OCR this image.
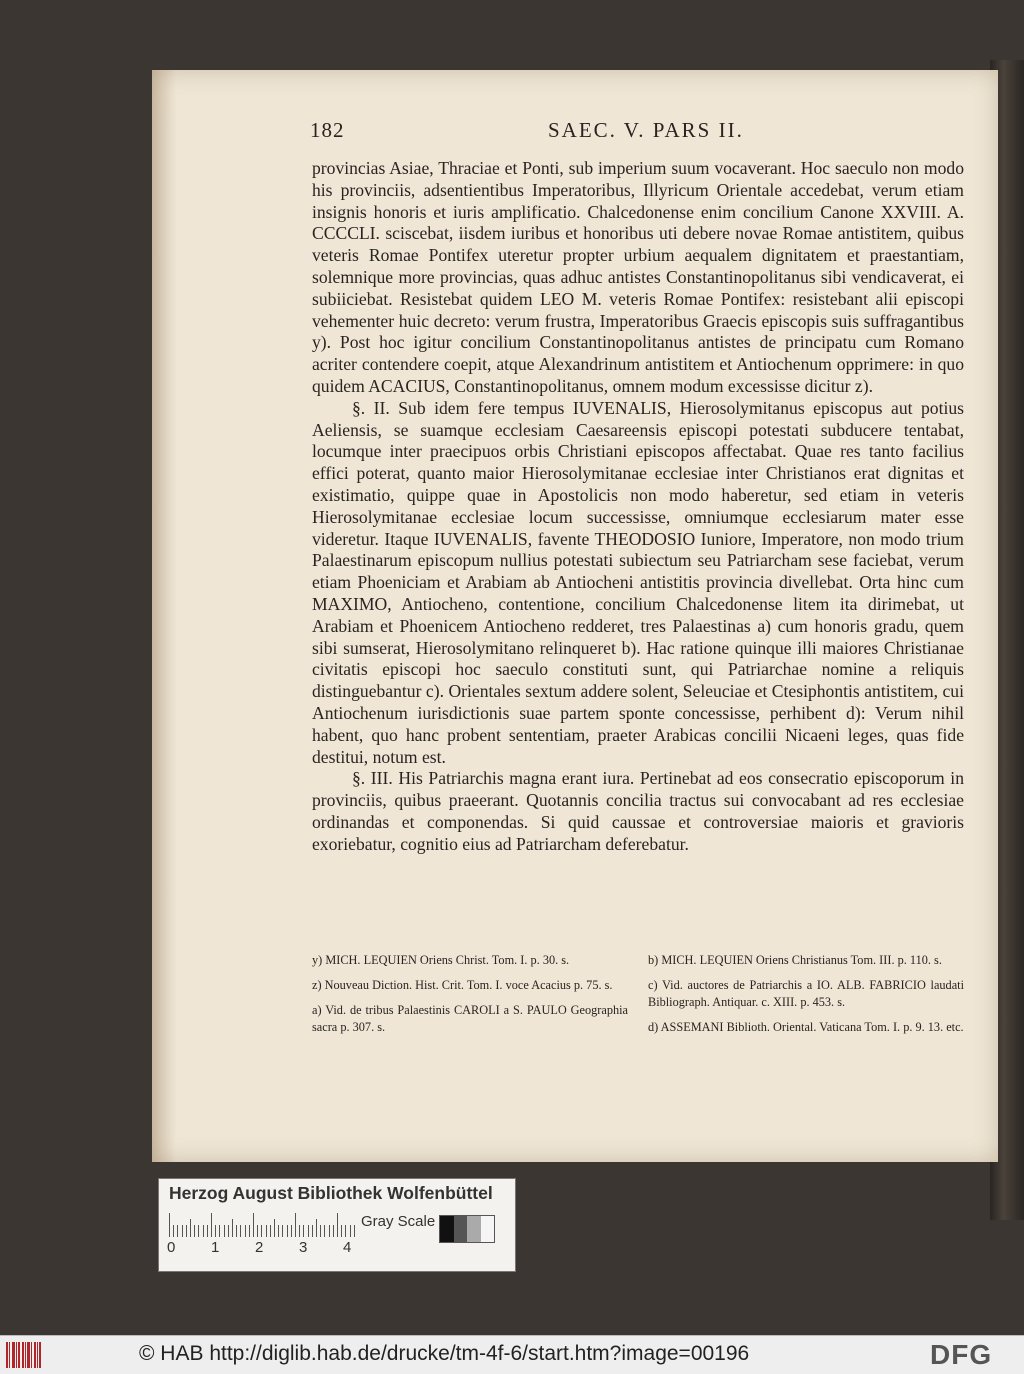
182	SAEC. V. PARS II.

provincias Asiae, Thraciae et Ponti, sub imperium suum vocaverant. Hoc saeculo non modo his provinciis, adsentientibus Imperatoribus, Illyricum Orientale accedebat, verum etiam insignis honoris et iuris amplificatio. Chalcedonense enim concilium Canone XXVIII. A. CCCCLI. sciscebat, iisdem iuribus et honoribus uti debere novae Romae antistitem, quibus veteris Romae Pontifex uteretur propter urbium aequalem dignitatem et praestantiam, solemnique more provincias, quas adhuc antistes Constantinopolitanus sibi vendicaverat, ei subiiciebat. Resistebat quidem LEO M. veteris Romae Pontifex: resistebant alii episcopi vehementer huic decreto: verum frustra, Imperatoribus Graecis episcopis suis suffragantibus y). Post hoc igitur concilium Constantinopolitanus antistes de principatu cum Romano acriter contendere coepit, atque Alexandrinum antistitem et Antiochenum opprimere: in quo quidem ACACIUS, Constantinopolitanus, omnem modum excessisse dicitur z).

§. II. Sub idem fere tempus IUVENALIS, Hierosolymitanus episcopus aut potius Aeliensis, se suamque ecclesiam Caesareensis episcopi potestati subducere tentabat, locumque inter praecipuos orbis Christiani episcopos affectabat. Quae res tanto facilius effici poterat, quanto maior Hierosolymitanae ecclesiae inter Christianos erat dignitas et existimatio, quippe quae in Apostolicis non modo haberetur, sed etiam in veteris Hierosolymitanae ecclesiae locum successisse, omniumque ecclesiarum mater esse videretur. Itaque IUVENALIS, favente THEODOSIO Iuniore, Imperatore, non modo trium Palaestinarum episcopum nullius potestati subiectum seu Patriarcham sese faciebat, verum etiam Phoeniciam et Arabiam ab Antiocheni antistitis provincia divellebat. Orta hinc cum MAXIMO, Antiocheno, contentione, concilium Chalcedonense litem ita dirimebat, ut Arabiam et Phoenicem Antiocheno redderet, tres Palaestinas a) cum honoris gradu, quem sibi sumserat, Hierosolymitano relinqueret b). Hac ratione quinque illi maiores Christianae civitatis episcopi hoc saeculo constituti sunt, qui Patriarchae nomine a reliquis distinguebantur c). Orientales sextum addere solent, Seleuciae et Ctesiphontis antistitem, cui Antiochenum iurisdictionis suae partem sponte concessisse, perhibent d): Verum nihil habent, quo hanc probent sententiam, praeter Arabicas concilii Nicaeni leges, quas fide destitui, notum est.

§. III. His Patriarchis magna erant iura. Pertinebat ad eos consecratio episcoporum in provinciis, quibus praeerant. Quotannis concilia tractus sui convocabant ad res ecclesiae ordinandas et componendas. Si quid caussae et controversiae maioris et gravioris exoriebatur, cognitio eius ad Patriarcham deferebatur.

y) MICH. LEQUIEN Oriens Christ. Tom. I. p. 30. s.
z) Nouveau Diction. Hist. Crit. Tom. I. voce Acacius p. 75. s.
a) Vid. de tribus Palaestinis CAROLI a S. PAULO Geographia sacra p. 307. s.
b) MICH. LEQUIEN Oriens Christianus Tom. III. p. 110. s.
c) Vid. auctores de Patriarchis a IO. ALB. FABRICIO laudati Bibliograph. Antiquar. c. XIII. p. 453. s.
d) ASSEMANI Biblioth. Oriental. Vaticana Tom. I. p. 9. 13. etc.
Herzog August Bibliothek Wolfenbüttel
0 1 2 3 4
Gray Scale
© HAB http://diglib.hab.de/drucke/tm-4f-6/start.htm?image=00196	DFG
